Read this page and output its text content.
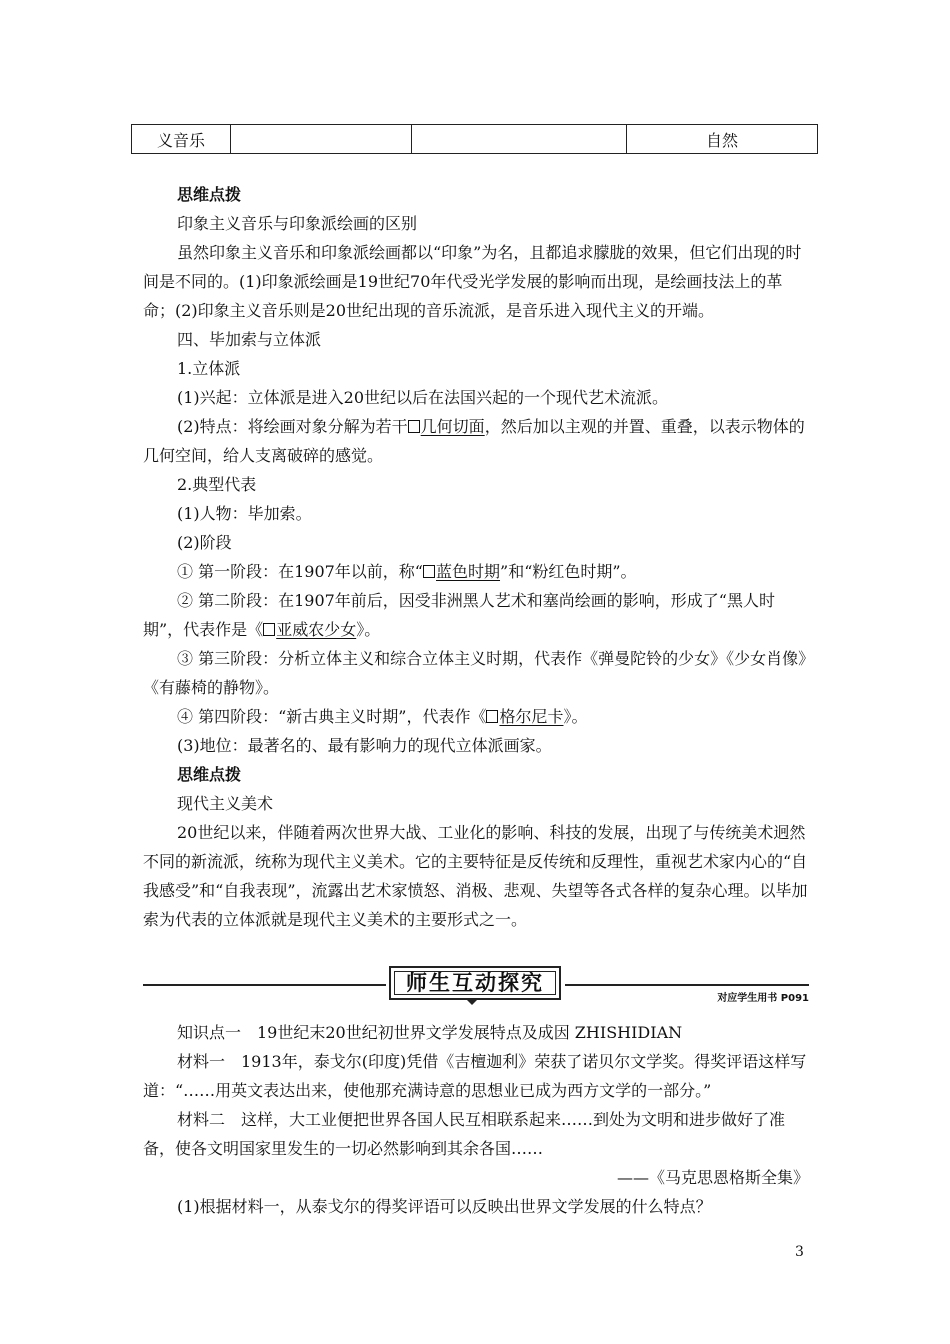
义音乐			自然

思维点拨

印象主义音乐与印象派绘画的区别

虽然印象主义音乐和印象派绘画都以“印象”为名，且都追求朦胧的效果，但它们出现的时间是不同的。(1)印象派绘画是19世纪70年代受光学发展的影响而出现，是绘画技法上的革命；(2)印象主义音乐则是20世纪出现的音乐流派，是音乐进入现代主义的开端。

四、毕加索与立体派

1.立体派

(1)兴起：立体派是进入20世纪以后在法国兴起的一个现代艺术流派。

(2)特点：将绘画对象分解为若干 几何切面，然后加以主观的并置、重叠，以表示物体的几何空间，给人支离破碎的感觉。

2.典型代表

(1)人物：毕加索。

(2)阶段

① 第一阶段：在1907年以前，称“ 蓝色时期”和“粉红色时期”。

② 第二阶段：在1907年前后，因受非洲黑人艺术和塞尚绘画的影响，形成了“黑人时期”，代表作是《 亚威农少女》。

③ 第三阶段：分析立体主义和综合立体主义时期，代表作《弹曼陀铃的少女》《少女肖像》《有藤椅的静物》。

④ 第四阶段：“新古典主义时期”，代表作《 格尔尼卡》。

(3)地位：最著名的、最有影响力的现代立体派画家。

思维点拨

现代主义美术

20世纪以来，伴随着两次世界大战、工业化的影响、科技的发展，出现了与传统美术迥然不同的新流派，统称为现代主义美术。它的主要特征是反传统和反理性，重视艺术家内心的“自我感受”和“自我表现”，流露出艺术家愤怒、消极、悲观、失望等各式各样的复杂心理。以毕加索为代表的立体派就是现代主义美术的主要形式之一。

师生互动探究
对应学生用书 P091

知识点一　19世纪末20世纪初世界文学发展特点及成因 ZHISHIDIAN

材料一　1913年，泰戈尔(印度)凭借《吉檀迦利》荣获了诺贝尔文学奖。得奖评语这样写道：“……用英文表达出来，使他那充满诗意的思想业已成为西方文学的一部分。”

材料二　这样，大工业便把世界各国人民互相联系起来……到处为文明和进步做好了准备，使各文明国家里发生的一切必然影响到其余各国……

——《马克思恩格斯全集》

(1)根据材料一，从泰戈尔的得奖评语可以反映出世界文学发展的什么特点？

3
